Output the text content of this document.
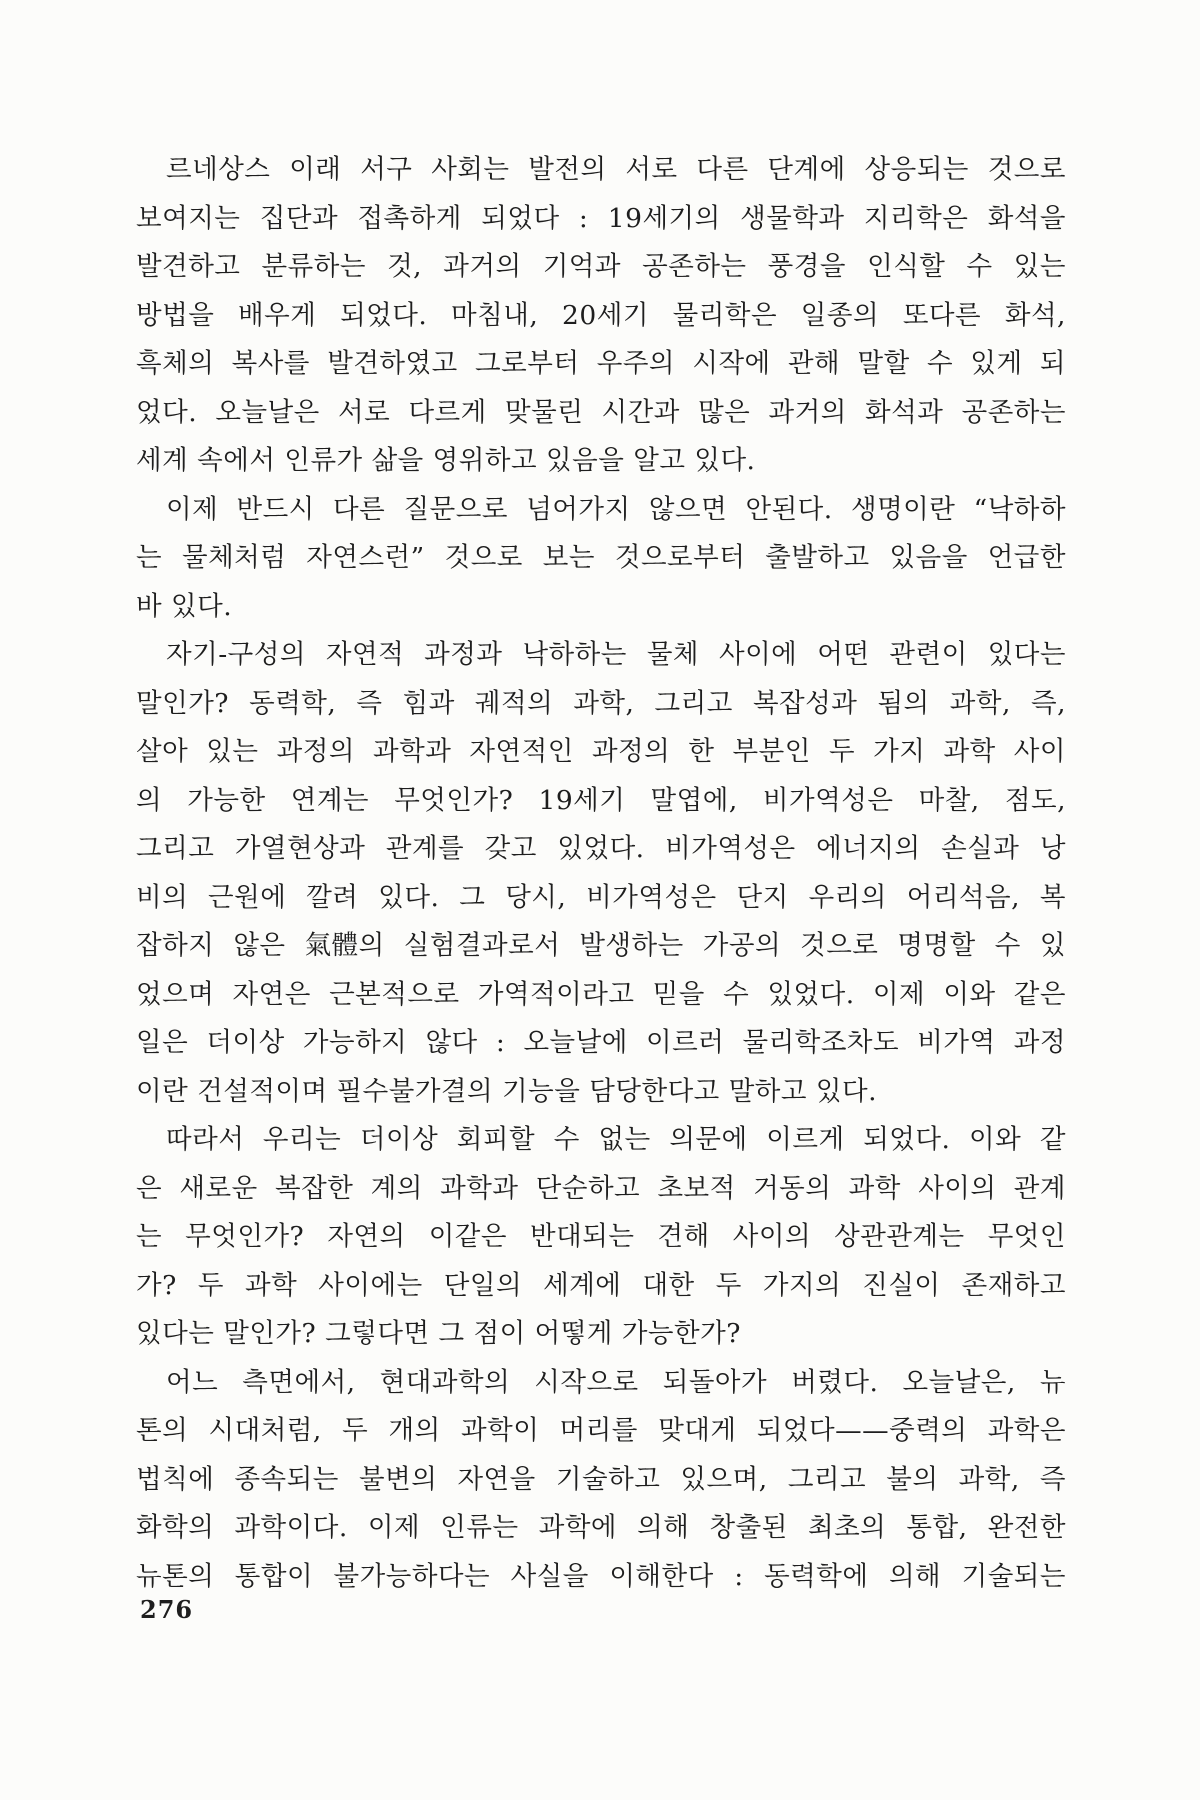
르네상스 이래 서구 사회는 발전의 서로 다른 단계에 상응되는 것으로
보여지는 집단과 접촉하게 되었다 : 19세기의 생물학과 지리학은 화석을
발견하고 분류하는 것, 과거의 기억과 공존하는 풍경을 인식할 수 있는
방법을 배우게 되었다. 마침내, 20세기 물리학은 일종의 또다른 화석,
흑체의 복사를 발견하였고 그로부터 우주의 시작에 관해 말할 수 있게 되
었다. 오늘날은 서로 다르게 맞물린 시간과 많은 과거의 화석과 공존하는
세계 속에서 인류가 삶을 영위하고 있음을 알고 있다.
이제 반드시 다른 질문으로 넘어가지 않으면 안된다. 생명이란 “낙하하
는 물체처럼 자연스런” 것으로 보는 것으로부터 출발하고 있음을 언급한
바 있다.
자기-구성의 자연적 과정과 낙하하는 물체 사이에 어떤 관련이 있다는
말인가? 동력학, 즉 힘과 궤적의 과학, 그리고 복잡성과 됨의 과학, 즉,
살아 있는 과정의 과학과 자연적인 과정의 한 부분인 두 가지 과학 사이
의 가능한 연계는 무엇인가? 19세기 말엽에, 비가역성은 마찰, 점도,
그리고 가열현상과 관계를 갖고 있었다. 비가역성은 에너지의 손실과 낭
비의 근원에 깔려 있다. 그 당시, 비가역성은 단지 우리의 어리석음, 복
잡하지 않은 氣體의 실험결과로서 발생하는 가공의 것으로 명명할 수 있
었으며 자연은 근본적으로 가역적이라고 믿을 수 있었다. 이제 이와 같은
일은 더이상 가능하지 않다 : 오늘날에 이르러 물리학조차도 비가역 과정
이란 건설적이며 필수불가결의 기능을 담당한다고 말하고 있다.
따라서 우리는 더이상 회피할 수 없는 의문에 이르게 되었다. 이와 같
은 새로운 복잡한 계의 과학과 단순하고 초보적 거동의 과학 사이의 관계
는 무엇인가? 자연의 이같은 반대되는 견해 사이의 상관관계는 무엇인
가? 두 과학 사이에는 단일의 세계에 대한 두 가지의 진실이 존재하고
있다는 말인가? 그렇다면 그 점이 어떻게 가능한가?
어느 측면에서, 현대과학의 시작으로 되돌아가 버렸다. 오늘날은, 뉴
톤의 시대처럼, 두 개의 과학이 머리를 맞대게 되었다——중력의 과학은
법칙에 종속되는 불변의 자연을 기술하고 있으며, 그리고 불의 과학, 즉
화학의 과학이다. 이제 인류는 과학에 의해 창출된 최초의 통합, 완전한
뉴톤의 통합이 불가능하다는 사실을 이해한다 : 동력학에 의해 기술되는
276
